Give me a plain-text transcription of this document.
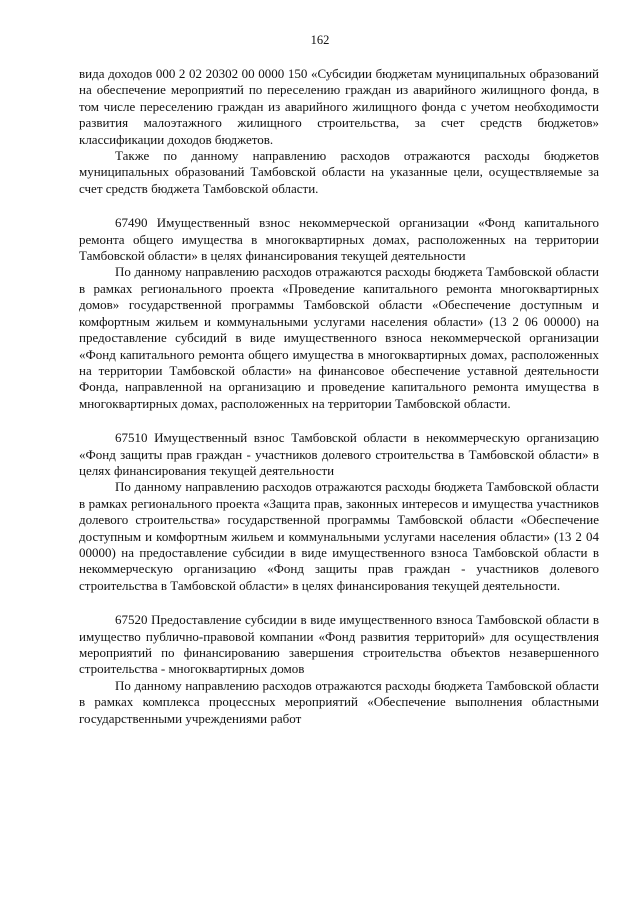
162

вида доходов 000 2 02 20302 00 0000 150 «Субсидии бюджетам муниципальных образований на обеспечение мероприятий по переселению граждан из аварийного жилищного фонда, в том числе переселению граждан из аварийного жилищного фонда с учетом необходимости развития малоэтажного жилищного строительства, за счет средств бюджетов» классификации доходов бюджетов.

Также по данному направлению расходов отражаются расходы бюджетов муниципальных образований Тамбовской области на указанные цели, осуществляемые за счет средств бюджета Тамбовской области.

67490 Имущественный взнос некоммерческой организации «Фонд капитального ремонта общего имущества в многоквартирных домах, расположенных на территории Тамбовской области» в целях финансирования текущей деятельности

По данному направлению расходов отражаются расходы бюджета Тамбовской области в рамках регионального проекта «Проведение капитального ремонта многоквартирных домов» государственной программы Тамбовской области «Обеспечение доступным и комфортным жильем и коммунальными услугами населения области» (13 2 06 00000) на предоставление субсидий в виде имущественного взноса некоммерческой организации «Фонд капитального ремонта общего имущества в многоквартирных домах, расположенных на территории Тамбовской области» на финансовое обеспечение уставной деятельности Фонда, направленной на организацию и проведение капитального ремонта имущества в многоквартирных домах, расположенных на территории Тамбовской области.

67510 Имущественный взнос Тамбовской области в некоммерческую организацию «Фонд защиты прав граждан - участников долевого строительства в Тамбовской области» в целях финансирования текущей деятельности

По данному направлению расходов отражаются расходы бюджета Тамбовской области в рамках регионального проекта «Защита прав, законных интересов и имущества участников долевого строительства» государственной программы Тамбовской области «Обеспечение доступным и комфортным жильем и коммунальными услугами населения области» (13 2 04 00000) на предоставление субсидии в виде имущественного взноса Тамбовской области в некоммерческую организацию «Фонд защиты прав граждан - участников долевого строительства в Тамбовской области» в целях финансирования текущей деятельности.

67520 Предоставление субсидии в виде имущественного взноса Тамбовской области в имущество публично-правовой компании «Фонд развития территорий» для осуществления мероприятий по финансированию завершения строительства объектов незавершенного строительства - многоквартирных домов

По данному направлению расходов отражаются расходы бюджета Тамбовской области в рамках комплекса процессных мероприятий «Обеспечение выполнения областными государственными учреждениями работ
